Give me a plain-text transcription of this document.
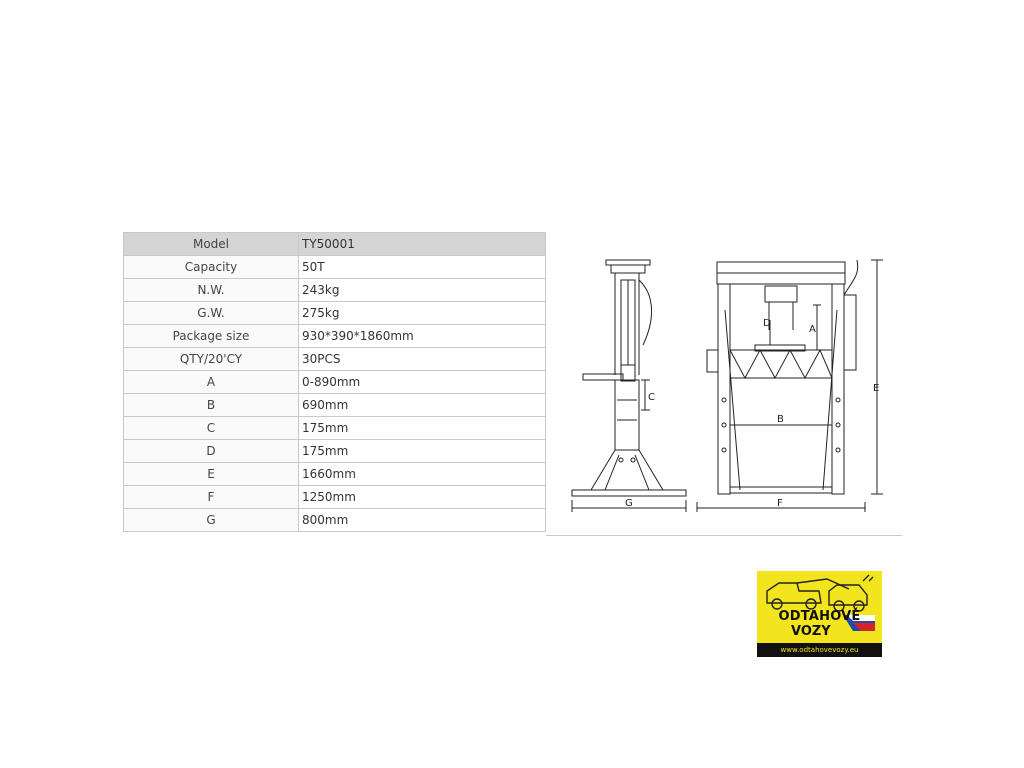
Model	TY50001
Capacity	50T
N.W.	243kg
G.W.	275kg
Package size	930*390*1860mm
QTY/20'CY	30PCS
A	0-890mm
B	690mm
C	175mm
D	175mm
E	1660mm
F	1250mm
G	800mm
C
G
A
D
B
E
F
ODTAHOVÉ
VOZY
www.odtahovevozy.eu
